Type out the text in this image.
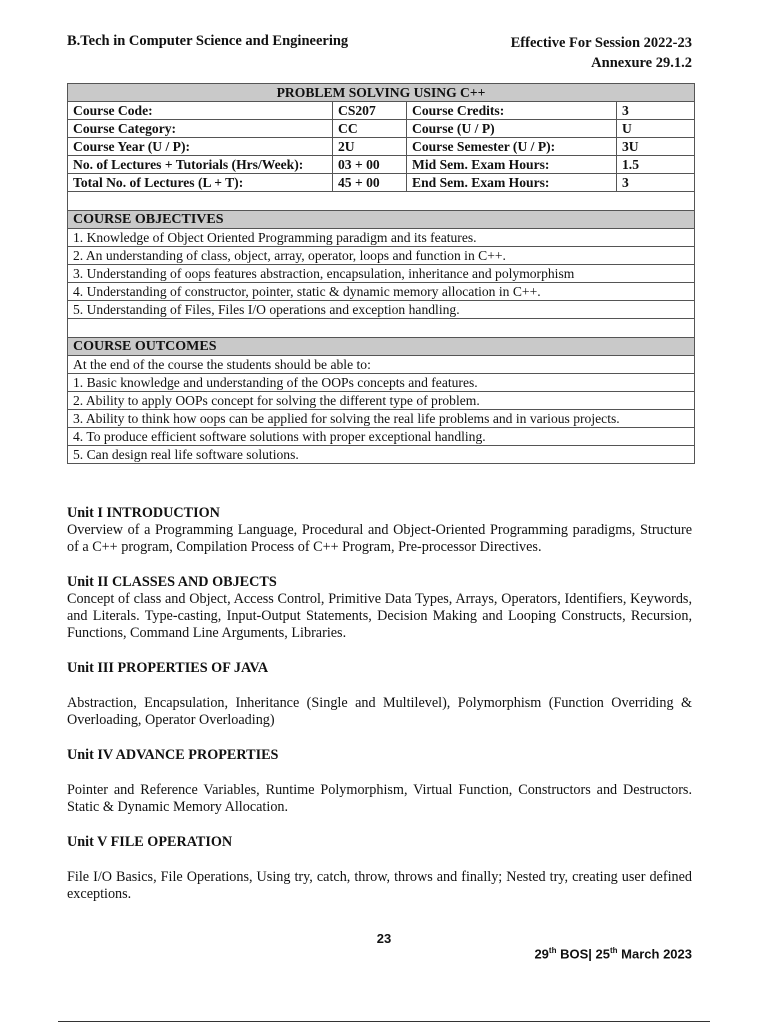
B.Tech in Computer Science and Engineering	Effective For Session 2022-23
Annexure 29.1.2
PROBLEM SOLVING USING C++			
Course Code:	CS207	Course Credits:	3
Course Category:	CC	Course (U / P)	U
Course Year (U / P):	2U	Course Semester (U / P):	3U
No. of Lectures + Tutorials (Hrs/Week):	03 + 00	Mid Sem. Exam Hours:	1.5
Total No. of Lectures (L + T):	45 + 00	End Sem. Exam Hours:	3

COURSE OBJECTIVES			
1. Knowledge of Object Oriented Programming paradigm and its features.			
2. An understanding of class, object, array, operator, loops and function in C++.			
3. Understanding of oops features abstraction, encapsulation, inheritance and polymorphism			
4. Understanding of constructor, pointer, static & dynamic memory allocation in C++.			
5. Understanding of Files, Files I/O operations and exception handling.			

COURSE OUTCOMES			
At the end of the course the students should be able to:			
1. Basic knowledge and understanding of the OOPs concepts and features.			
2. Ability to apply OOPs concept for solving the different type of problem.			
3. Ability to think how oops can be applied for solving the real life problems and in various projects.			
4. To produce efficient software solutions with proper exceptional handling.			
5. Can design real life software solutions.			

Unit I INTRODUCTION

Overview of a Programming Language, Procedural and Object-Oriented Programming paradigms, Structure of a C++ program, Compilation Process of C++ Program, Pre-processor Directives.

Unit II CLASSES AND OBJECTS

Concept of class and Object, Access Control, Primitive Data Types, Arrays, Operators, Identifiers, Keywords, and Literals. Type-casting, Input-Output Statements, Decision Making and Looping Constructs, Recursion, Functions, Command Line Arguments, Libraries.

Unit III PROPERTIES OF JAVA

Abstraction, Encapsulation, Inheritance (Single and Multilevel), Polymorphism (Function Overriding & Overloading, Operator Overloading)

Unit IV ADVANCE PROPERTIES

Pointer and Reference Variables, Runtime Polymorphism, Virtual Function, Constructors and Destructors. Static & Dynamic Memory Allocation.

Unit V FILE OPERATION

File I/O Basics, File Operations, Using try, catch, throw, throws and finally; Nested try, creating user defined exceptions.

23
29th BOS| 25th March 2023
